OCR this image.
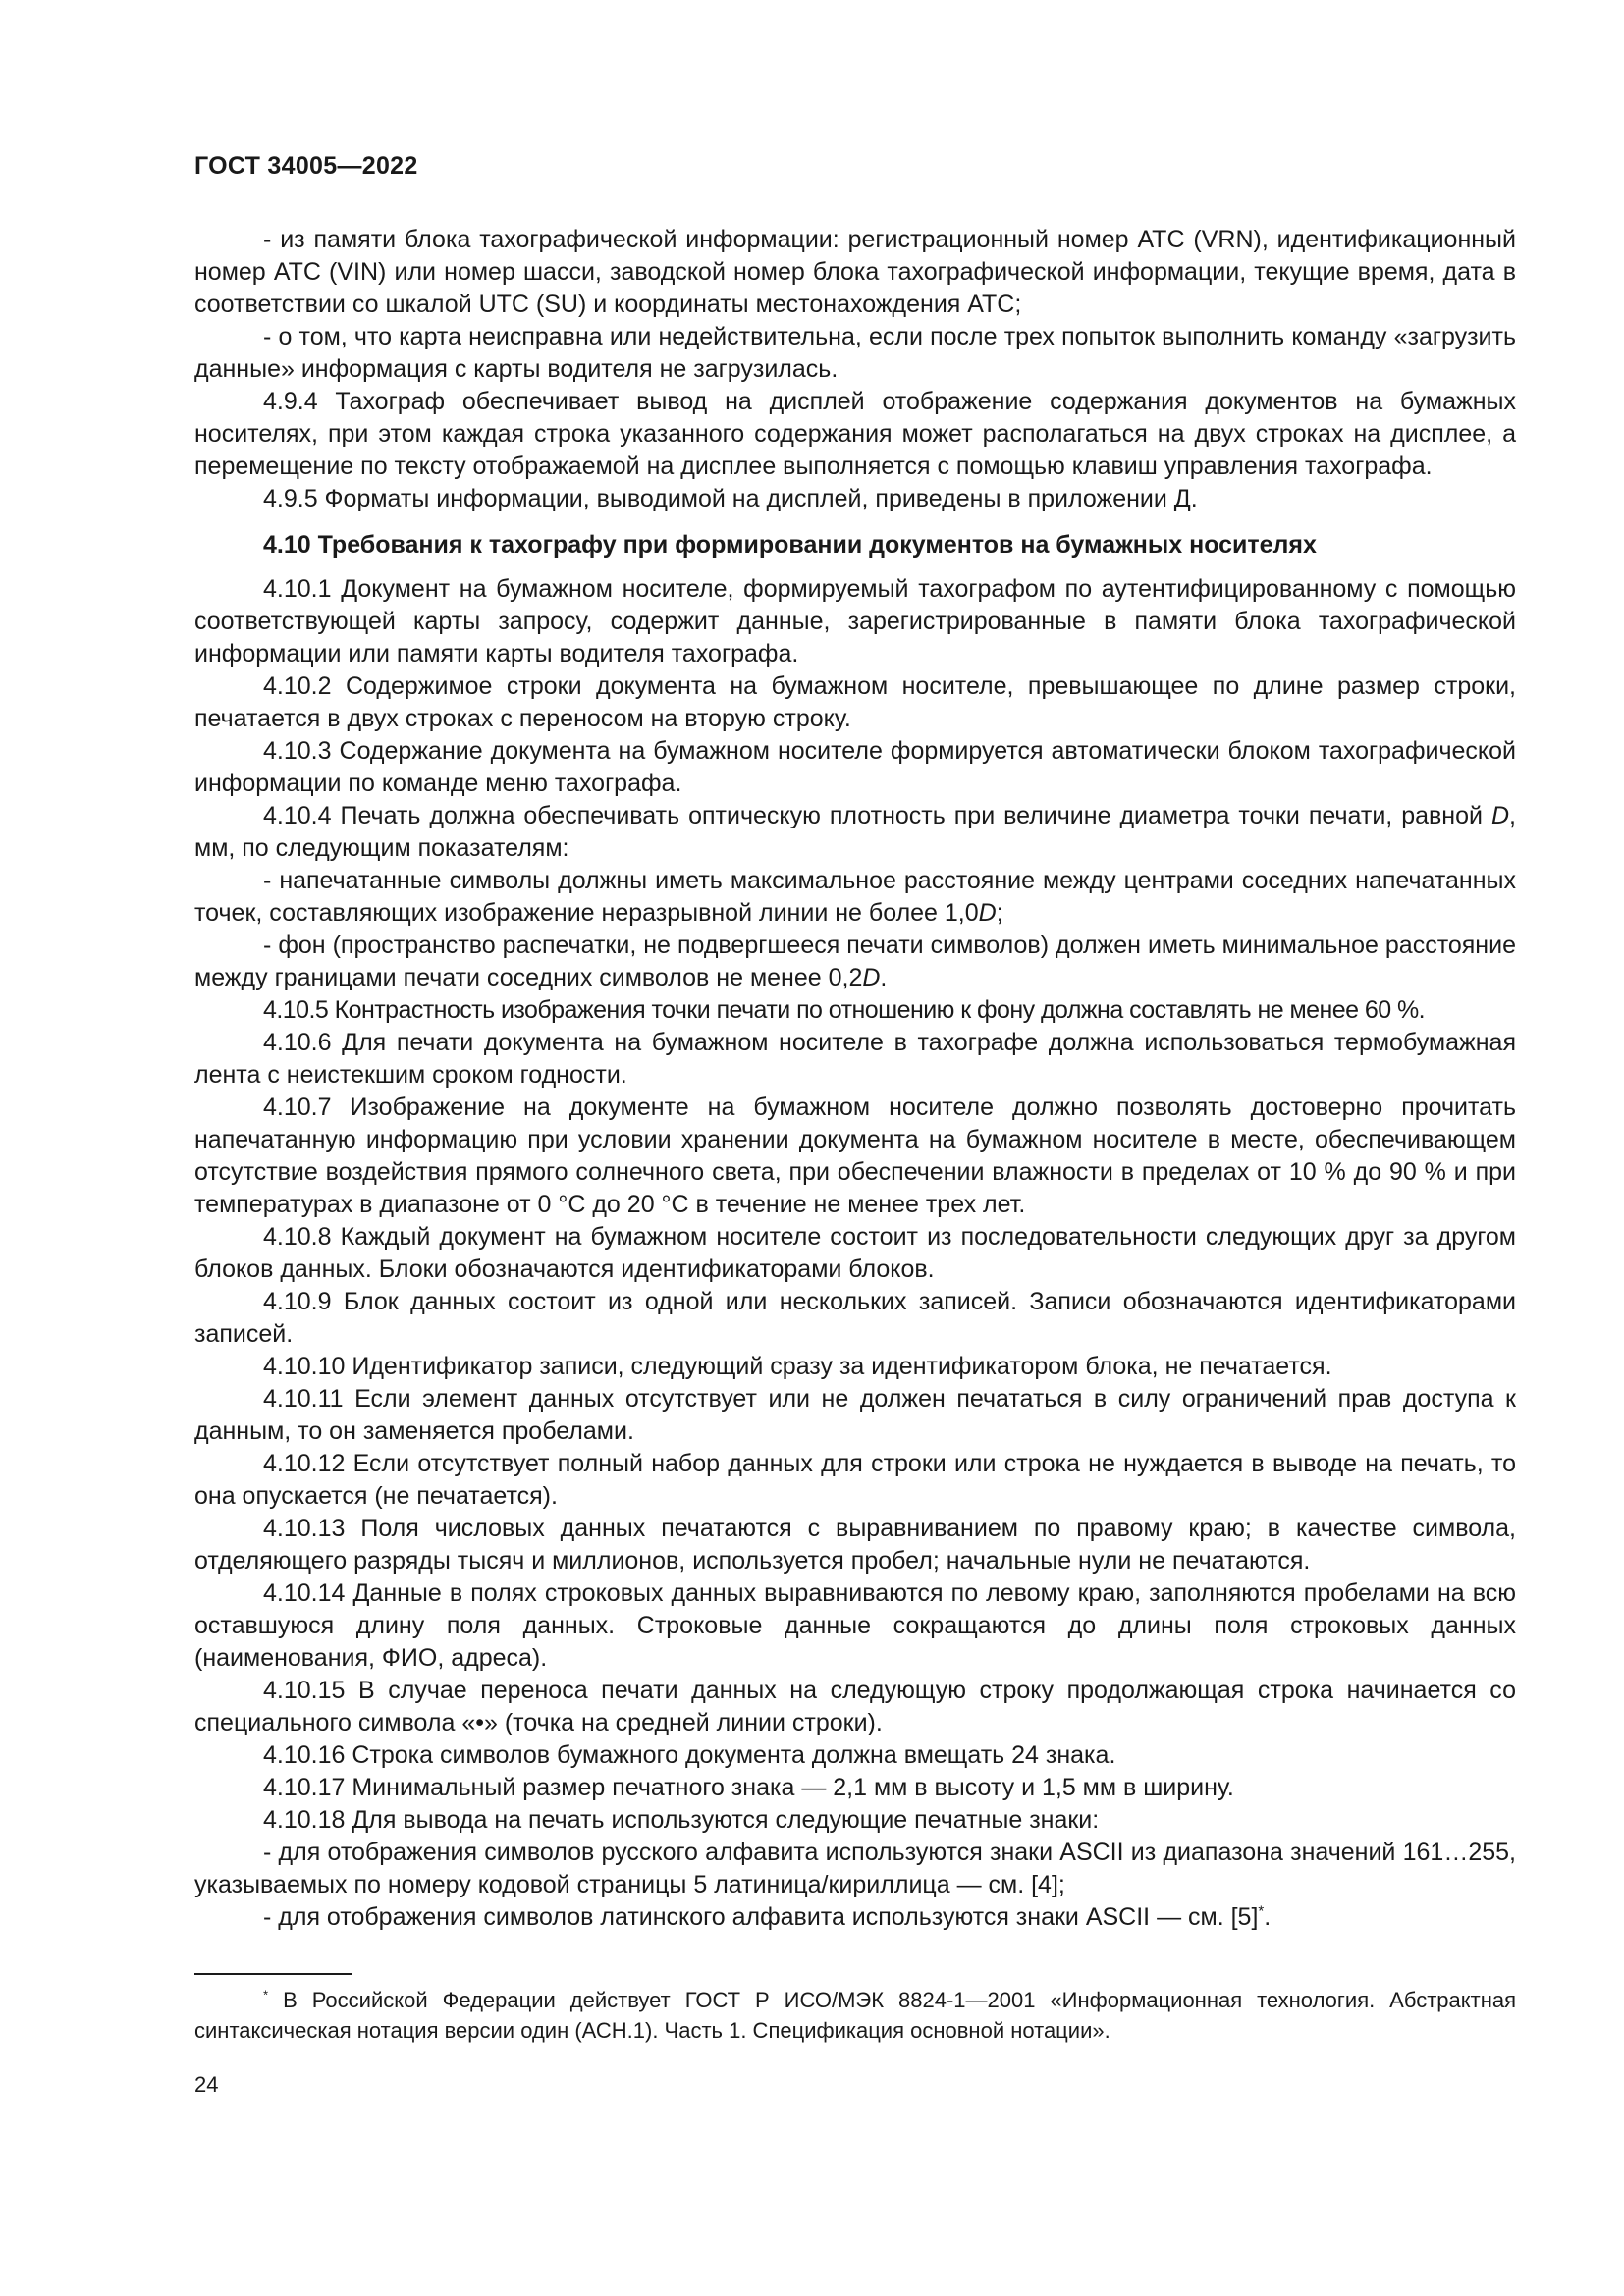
ГОСТ 34005—2022

- из памяти блока тахографической информации: регистрационный номер АТС (VRN), идентификационный номер АТС (VIN) или номер шасси, заводской номер блока тахографической информации, текущие время, дата в соответствии со шкалой UTC (SU) и координаты местонахождения АТС;

- о том, что карта неисправна или недействительна, если после трех попыток выполнить команду «загрузить данные» информация с карты водителя не загрузилась.

4.9.4 Тахограф обеспечивает вывод на дисплей отображение содержания документов на бумажных носителях, при этом каждая строка указанного содержания может располагаться на двух строках на дисплее, а перемещение по тексту отображаемой на дисплее выполняется с помощью клавиш управления тахографа.

4.9.5 Форматы информации, выводимой на дисплей, приведены в приложении Д.

4.10 Требования к тахографу при формировании документов на бумажных носителях

4.10.1 Документ на бумажном носителе, формируемый тахографом по аутентифицированному с помощью соответствующей карты запросу, содержит данные, зарегистрированные в памяти блока тахографической информации или памяти карты водителя тахографа.

4.10.2 Содержимое строки документа на бумажном носителе, превышающее по длине размер строки, печатается в двух строках с переносом на вторую строку.

4.10.3 Содержание документа на бумажном носителе формируется автоматически блоком тахографической информации по команде меню тахографа.

4.10.4 Печать должна обеспечивать оптическую плотность при величине диаметра точки печати, равной D, мм, по следующим показателям:

- напечатанные символы должны иметь максимальное расстояние между центрами соседних напечатанных точек, составляющих изображение неразрывной линии не более 1,0D;

- фон (пространство распечатки, не подвергшееся печати символов) должен иметь минимальное расстояние между границами печати соседних символов не менее 0,2D.

4.10.5 Контрастность изображения точки печати по отношению к фону должна составлять не менее 60 %.

4.10.6 Для печати документа на бумажном носителе в тахографе должна использоваться термобумажная лента с неистекшим сроком годности.

4.10.7 Изображение на документе на бумажном носителе должно позволять достоверно прочитать напечатанную информацию при условии хранении документа на бумажном носителе в месте, обеспечивающем отсутствие воздействия прямого солнечного света, при обеспечении влажности в пределах от 10 % до 90 % и при температурах в диапазоне от 0 °С до 20 °С в течение не менее трех лет.

4.10.8 Каждый документ на бумажном носителе состоит из последовательности следующих друг за другом блоков данных. Блоки обозначаются идентификаторами блоков.

4.10.9 Блок данных состоит из одной или нескольких записей. Записи обозначаются идентификаторами записей.

4.10.10 Идентификатор записи, следующий сразу за идентификатором блока, не печатается.

4.10.11 Если элемент данных отсутствует или не должен печататься в силу ограничений прав доступа к данным, то он заменяется пробелами.

4.10.12 Если отсутствует полный набор данных для строки или строка не нуждается в выводе на печать, то она опускается (не печатается).

4.10.13 Поля числовых данных печатаются с выравниванием по правому краю; в качестве символа, отделяющего разряды тысяч и миллионов, используется пробел; начальные нули не печатаются.

4.10.14 Данные в полях строковых данных выравниваются по левому краю, заполняются пробелами на всю оставшуюся длину поля данных. Строковые данные сокращаются до длины поля строковых данных (наименования, ФИО, адреса).

4.10.15 В случае переноса печати данных на следующую строку продолжающая строка начинается со специального символа «•» (точка на средней линии строки).

4.10.16 Строка символов бумажного документа должна вмещать 24 знака.

4.10.17 Минимальный размер печатного знака — 2,1 мм в высоту и 1,5 мм в ширину.

4.10.18 Для вывода на печать используются следующие печатные знаки:

- для отображения символов русского алфавита используются знаки ASCII из диапазона значений 161…255, указываемых по номеру кодовой страницы 5 латиница/кириллица — см. [4];

- для отображения символов латинского алфавита используются знаки ASCII — см. [5]*.

* В Российской Федерации действует ГОСТ Р ИСО/МЭК 8824-1—2001 «Информационная технология. Абстрактная синтаксическая нотация версии один (АСН.1). Часть 1. Спецификация основной нотации».
24
